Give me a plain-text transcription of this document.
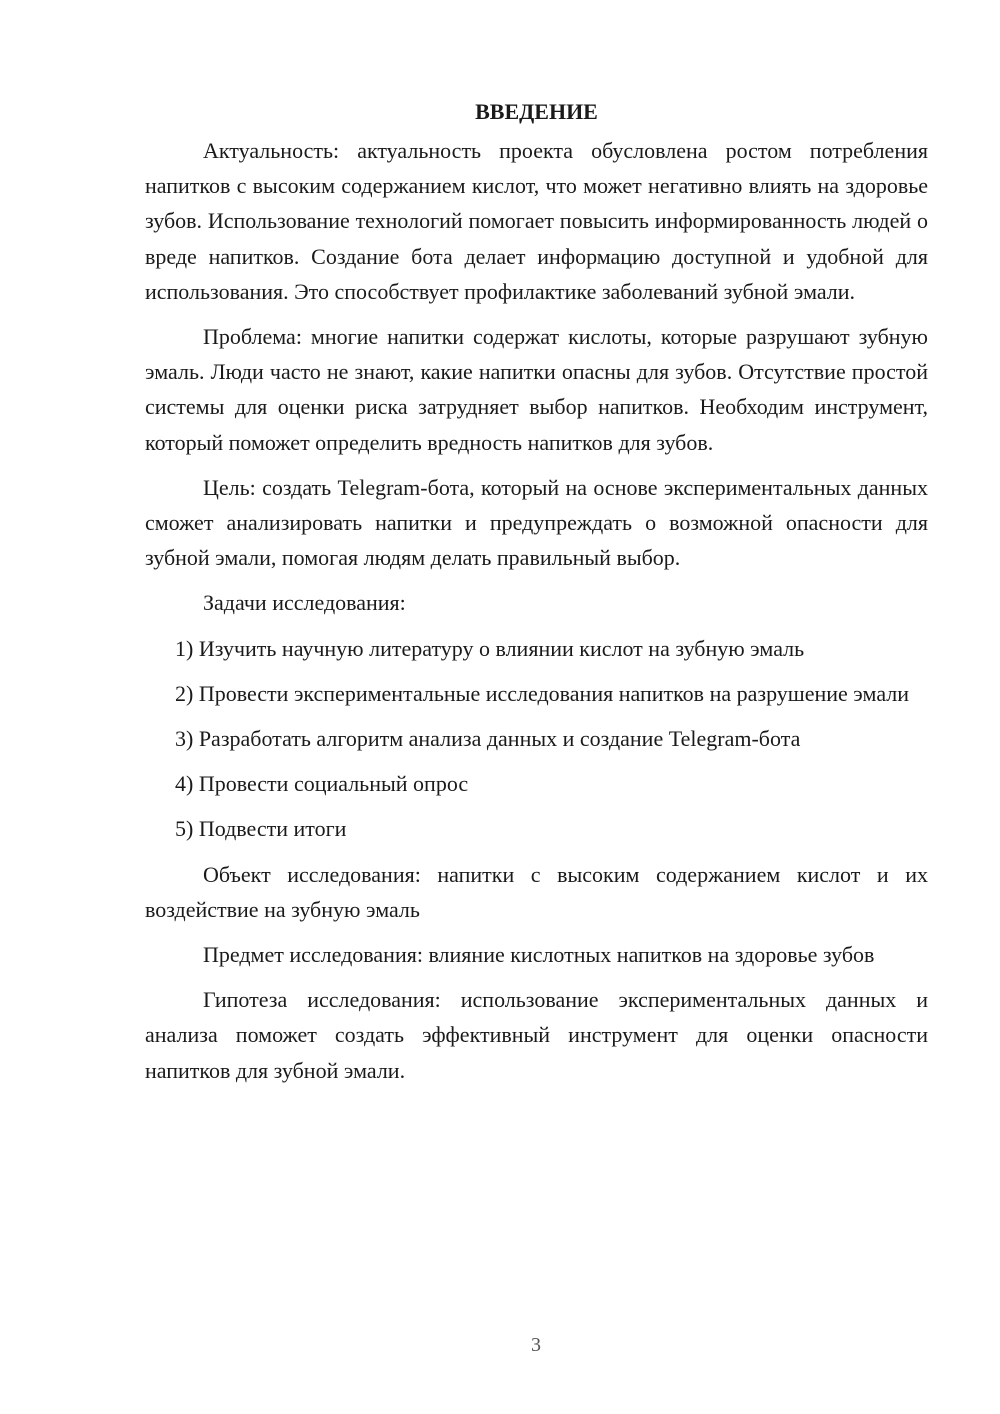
ВВЕДЕНИЕ

Актуальность: актуальность проекта обусловлена ростом потребления напитков с высоким содержанием кислот, что может негативно влиять на здоровье зубов. Использование технологий помогает повысить информированность людей о вреде напитков. Создание бота делает информацию доступной и удобной для использования. Это способствует профилактике заболеваний зубной эмали.

Проблема: многие напитки содержат кислоты, которые разрушают зубную эмаль. Люди часто не знают, какие напитки опасны для зубов. Отсутствие простой системы для оценки риска затрудняет выбор напитков. Необходим инструмент, который поможет определить вредность напитков для зубов.

Цель: создать Telegram-бота, который на основе экспериментальных данных сможет анализировать напитки и предупреждать о возможной опасности для зубной эмали, помогая людям делать правильный выбор.

Задачи исследования:

1) Изучить научную литературу о влиянии кислот на зубную эмаль

2) Провести экспериментальные исследования напитков на разрушение эмали

3) Разработать алгоритм анализа данных и создание Telegram-бота

4) Провести социальный опрос

5) Подвести итоги

Объект исследования: напитки с высоким содержанием кислот и их воздействие на зубную эмаль

Предмет исследования: влияние кислотных напитков на здоровье зубов

Гипотеза исследования: использование экспериментальных данных и анализа поможет создать эффективный инструмент для оценки опасности напитков для зубной эмали.

3
